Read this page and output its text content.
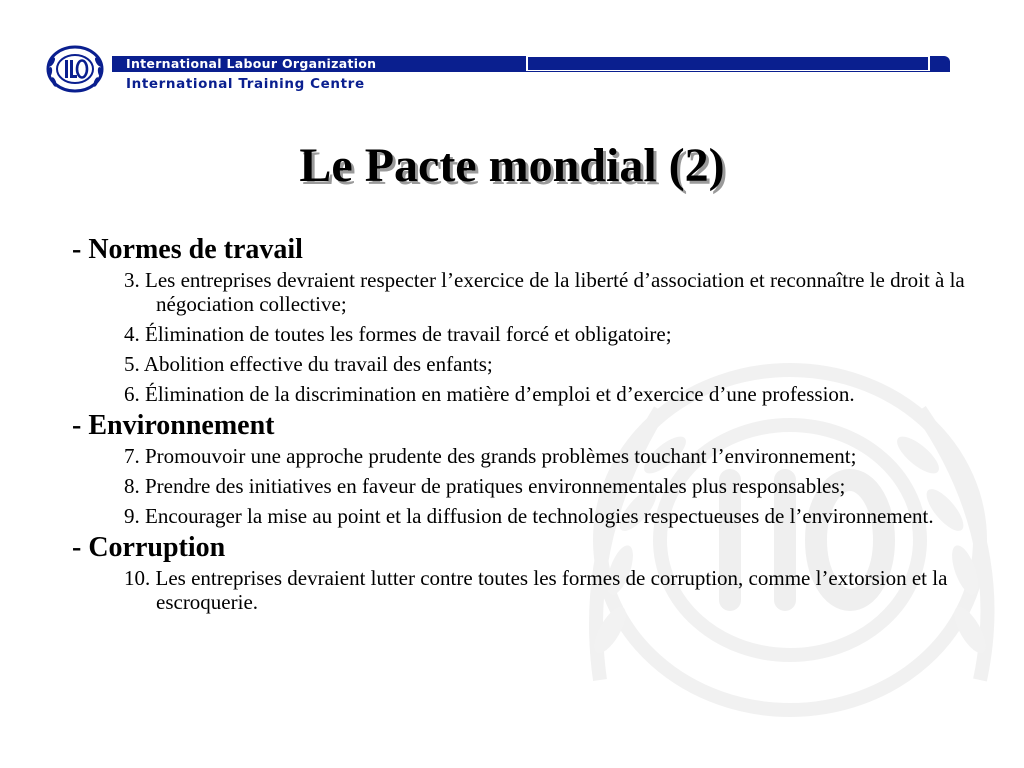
International Labour Organization
International Training Centre
Le Pacte mondial (2)

- Normes de travail

3. Les entreprises devraient respecter l’exercice de la liberté d’association et reconnaître le droit à la négociation collective;

4. Élimination de toutes les formes de travail forcé et obligatoire;

5. Abolition effective du travail des enfants;

6. Élimination de la discrimination en matière d’emploi et d’exercice d’une profession.

- Environnement

7. Promouvoir une approche prudente des grands problèmes touchant l’environnement;

8. Prendre des initiatives en faveur de pratiques environnementales plus responsables;

9. Encourager la mise au point et la diffusion de technologies respectueuses de l’environnement.

- Corruption

10. Les entreprises devraient lutter contre toutes les formes de corruption, comme l’extorsion et la escroquerie.
